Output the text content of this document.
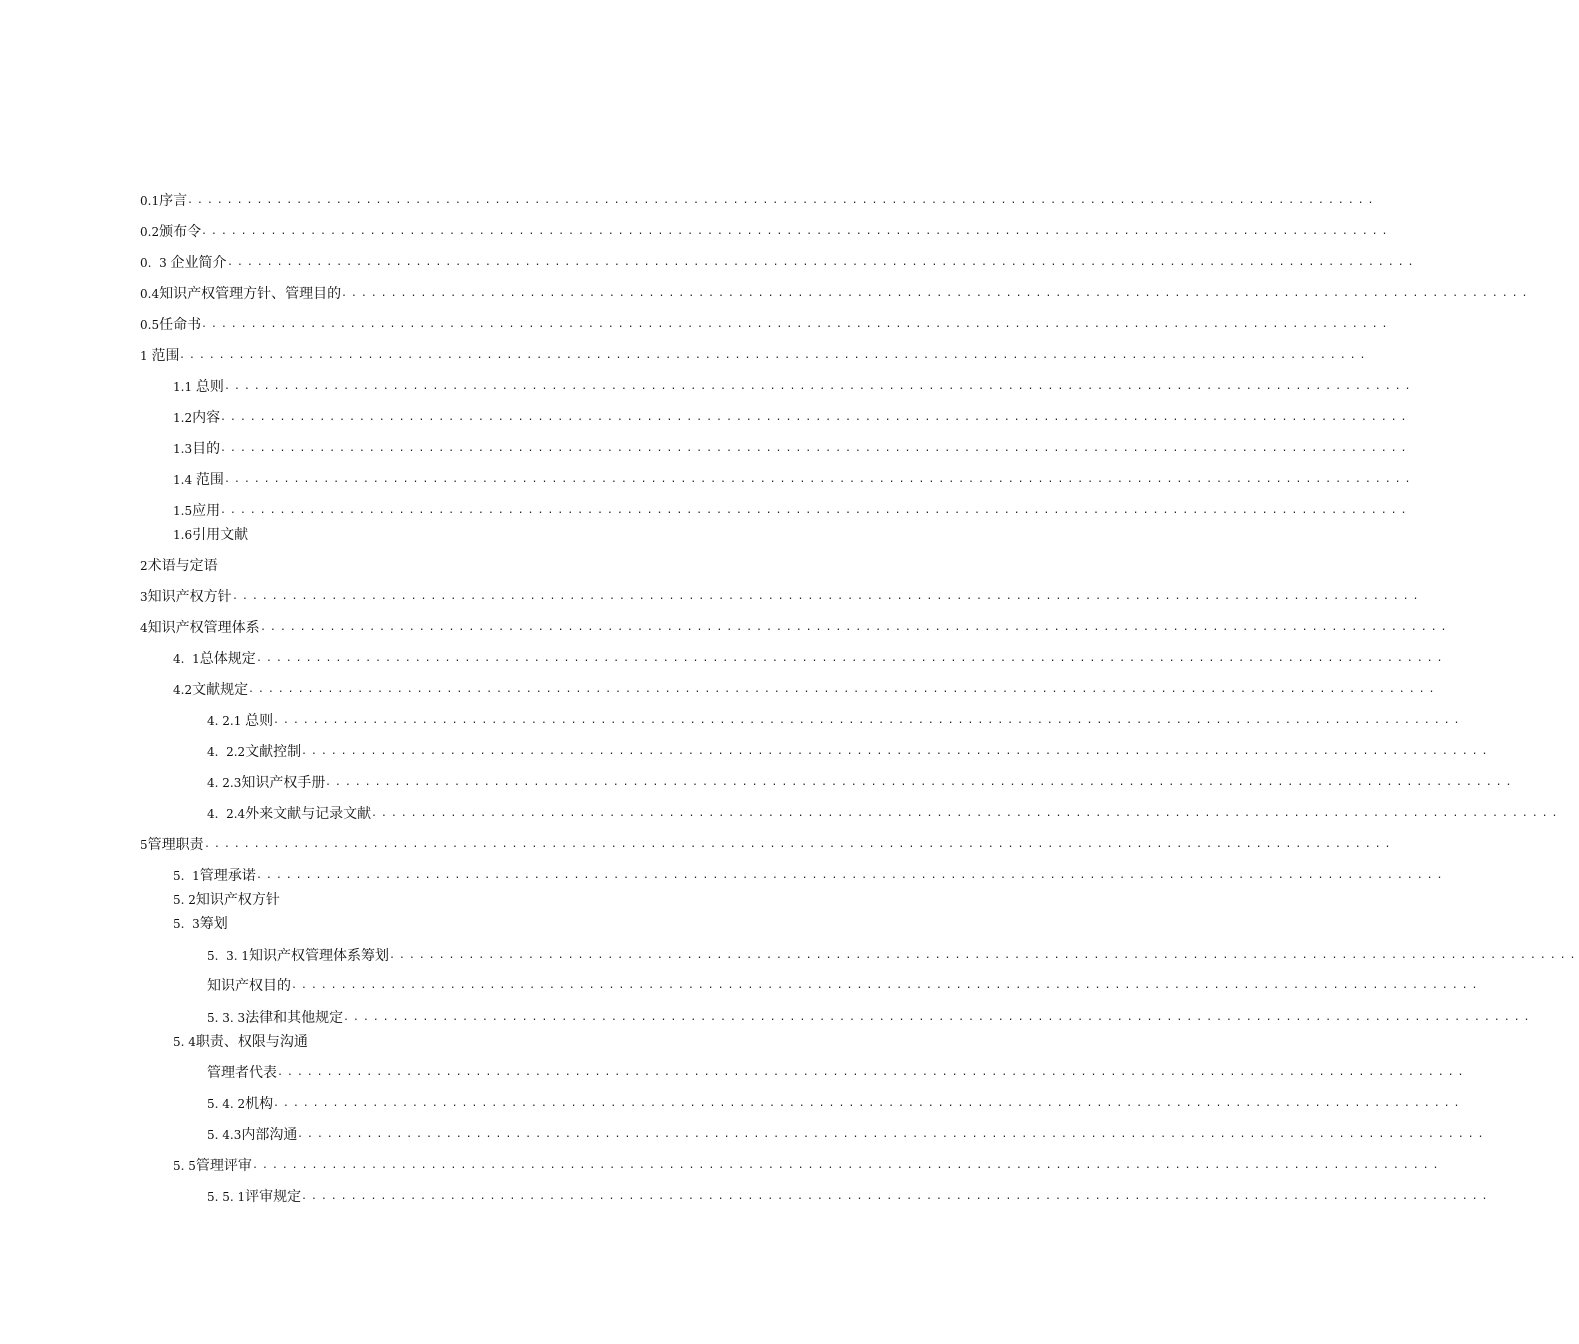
0.1序言 ........................................................................................................................
0.2颁布令 ........................................................................................................................
0.  3 企业简介 ........................................................................................................................
0.4知识产权管理方针、管理目的 ........................................................................................................................
0.5任命书 ........................................................................................................................
1 范围 ........................................................................................................................
1.1 总则 ........................................................................................................................
1.2内容 ........................................................................................................................
1.3目的 ........................................................................................................................
1.4 范围 ........................................................................................................................
1.5应用 ........................................................................................................................
1.6引用文献
2术语与定语
3知识产权方针 ........................................................................................................................
4知识产权管理体系 ........................................................................................................................
4.  1总体规定 ........................................................................................................................
4.2文献规定 ........................................................................................................................
4. 2.1 总则 ........................................................................................................................
4.  2.2文献控制 ........................................................................................................................
4. 2.3知识产权手册 ........................................................................................................................
4.  2.4外来文献与记录文献 ........................................................................................................................
5管理职责 ........................................................................................................................
5.  1管理承诺 ........................................................................................................................
5. 2知识产权方针
5.  3筹划
5.  3. 1知识产权管理体系筹划 ........................................................................................................................
知识产权目的 ........................................................................................................................
5. 3. 3法律和其他规定 ........................................................................................................................
5. 4职责、权限与沟通
管理者代表 ........................................................................................................................
5. 4. 2机构 ........................................................................................................................
5. 4.3内部沟通 ........................................................................................................................
5. 5管理评审 ........................................................................................................................
5. 5. 1评审规定 ........................................................................................................................
